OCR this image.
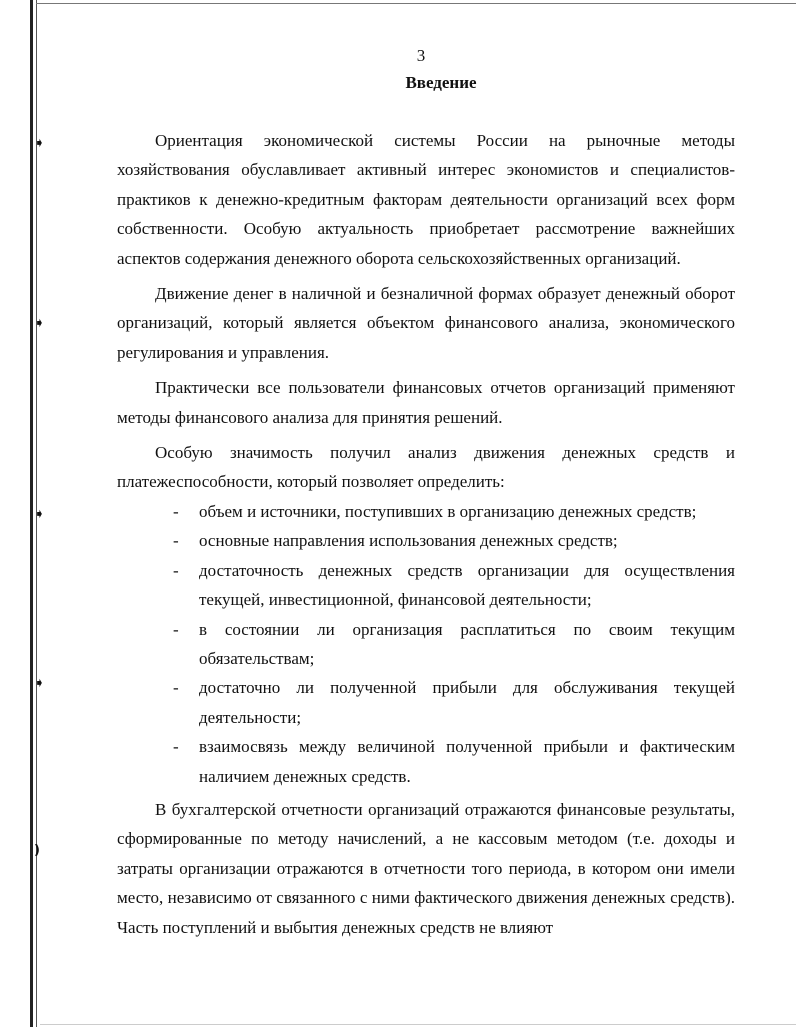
➧
➧
➧
➧
)
3
Введение

Ориентация экономической системы России на рыночные методы хозяйствования обуславливает активный интерес экономистов и специалистов-практиков к денежно-кредитным факторам деятельности организаций всех форм собственности. Особую актуальность приобретает рассмотрение важнейших аспектов содержания денежного оборота сельскохозяйственных организаций.

Движение денег в наличной и безналичной формах образует денежный оборот организаций, который является объектом финансового анализа, экономического регулирования и управления.

Практически все пользователи финансовых отчетов организаций применяют методы финансового анализа для принятия решений.

Особую значимость получил анализ движения денежных средств и платежеспособности, который позволяет определить:

- объем и источники, поступивших в организацию денежных средств;
- основные направления использования денежных средств;
- достаточность денежных средств организации для осуществления текущей, инвестиционной, финансовой деятельности;
- в состоянии ли организация расплатиться по своим текущим обязательствам;
- достаточно ли полученной прибыли для обслуживания текущей деятельности;
- взаимосвязь между величиной полученной прибыли и фактическим наличием денежных средств.

В бухгалтерской отчетности организаций отражаются финансовые результаты, сформированные по методу начислений, а не кассовым методом (т.е. доходы и затраты организации отражаются в отчетности того периода, в котором они имели место, независимо от связанного с ними фактического движения денежных средств). Часть поступлений и выбытия денежных средств не влияют
